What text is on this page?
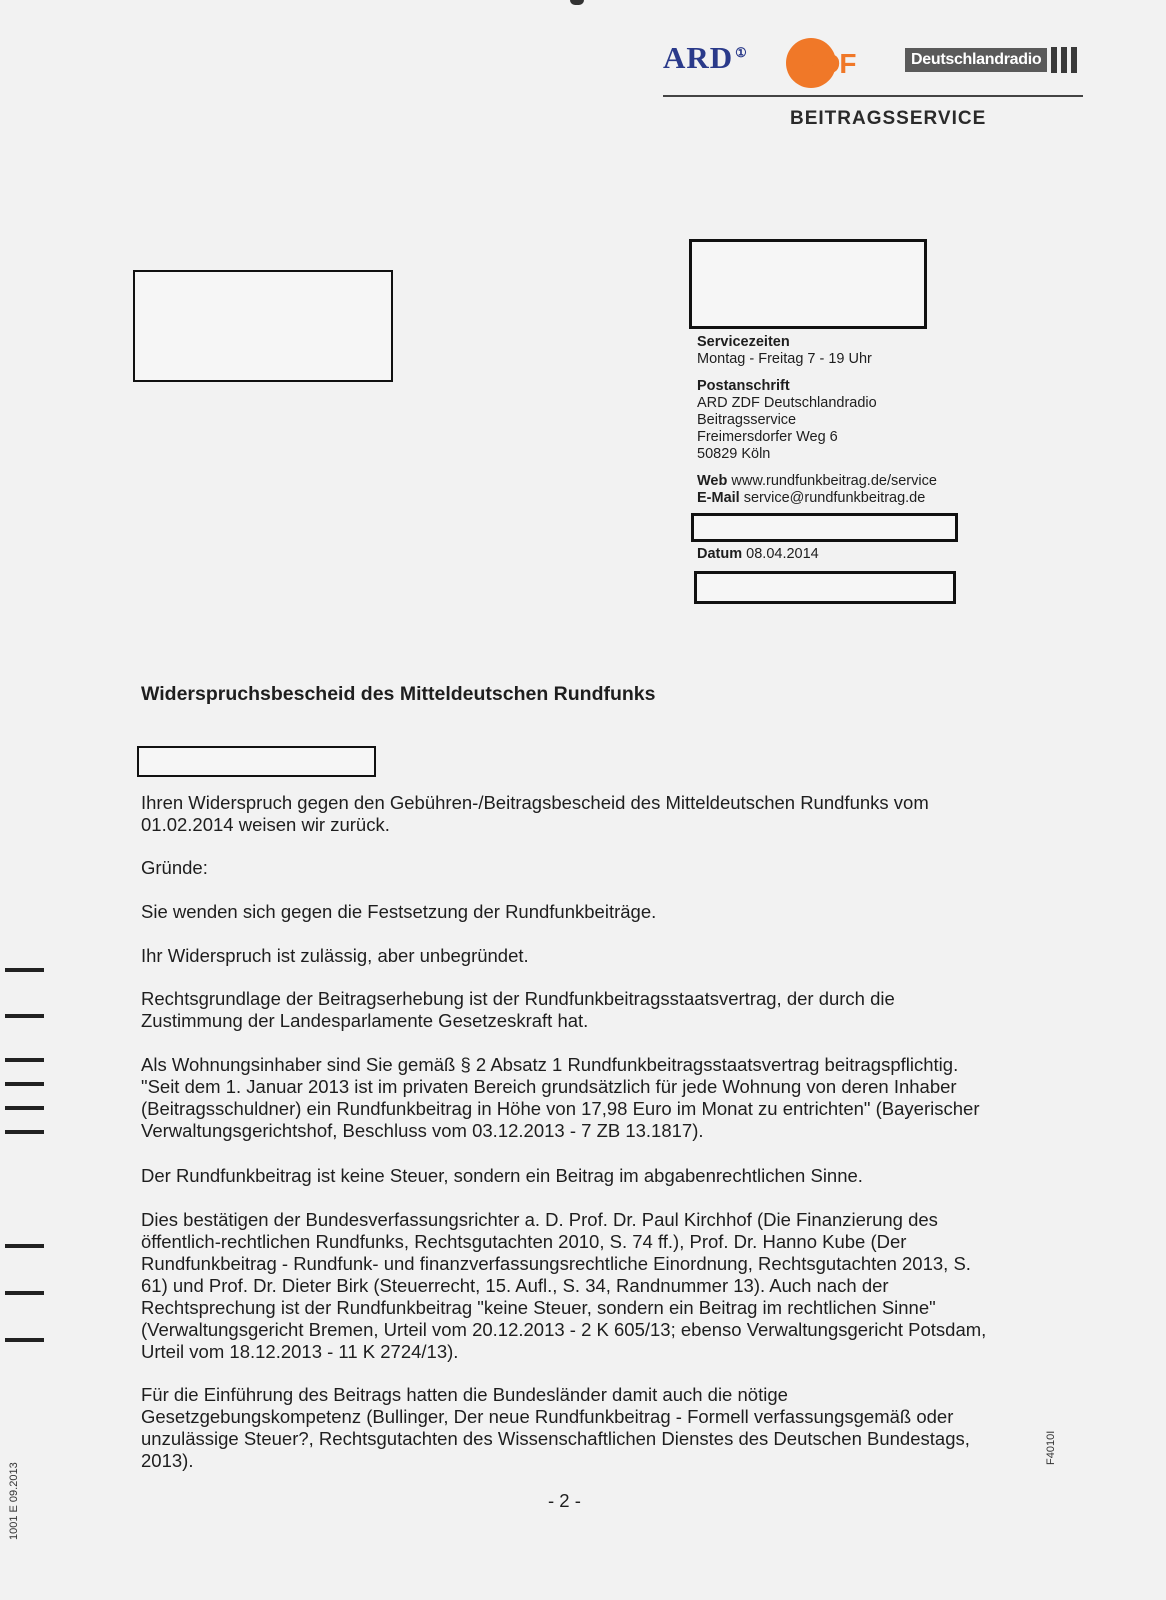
ARD ① ZDF	Deutschlandradio
BEITRAGSSERVICE
Servicezeiten
Montag - Freitag 7 - 19 Uhr
Postanschrift
ARD ZDF Deutschlandradio
Beitragsservice
Freimersdorfer Weg 6
50829 Köln
Web www.rundfunkbeitrag.de/service
E-Mail service@rundfunkbeitrag.de
Datum 08.04.2014
Widerspruchsbescheid des Mitteldeutschen Rundfunks
Ihren Widerspruch gegen den Gebühren-/Beitragsbescheid des Mitteldeutschen Rundfunks vom 01.02.2014 weisen wir zurück.
Gründe:
Sie wenden sich gegen die Festsetzung der Rundfunkbeiträge.
Ihr Widerspruch ist zulässig, aber unbegründet.
Rechtsgrundlage der Beitragserhebung ist der Rundfunkbeitragsstaatsvertrag, der durch die Zustimmung der Landesparlamente Gesetzeskraft hat.
Als Wohnungsinhaber sind Sie gemäß § 2 Absatz 1 Rundfunkbeitragsstaatsvertrag beitragspflichtig. "Seit dem 1. Januar 2013 ist im privaten Bereich grundsätzlich für jede Wohnung von deren Inhaber (Beitragsschuldner) ein Rundfunkbeitrag in Höhe von 17,98 Euro im Monat zu entrichten" (Bayerischer Verwaltungsgerichtshof, Beschluss vom 03.12.2013 - 7 ZB 13.1817).
Der Rundfunkbeitrag ist keine Steuer, sondern ein Beitrag im abgabenrechtlichen Sinne.
Dies bestätigen der Bundesverfassungsrichter a. D. Prof. Dr. Paul Kirchhof (Die Finanzierung des öffentlich-rechtlichen Rundfunks, Rechtsgutachten 2010, S. 74 ff.), Prof. Dr. Hanno Kube (Der Rundfunkbeitrag - Rundfunk- und finanzverfassungsrechtliche Einordnung, Rechtsgutachten 2013, S. 61) und Prof. Dr. Dieter Birk (Steuerrecht, 15. Aufl., S. 34, Randnummer 13). Auch nach der Rechtsprechung ist der Rundfunkbeitrag "keine Steuer, sondern ein Beitrag im rechtlichen Sinne" (Verwaltungsgericht Bremen, Urteil vom 20.12.2013 - 2 K 605/13; ebenso Verwaltungsgericht Potsdam, Urteil vom 18.12.2013 - 11 K 2724/13).
Für die Einführung des Beitrags hatten die Bundesländer damit auch die nötige Gesetzgebungskompetenz (Bullinger, Der neue Rundfunkbeitrag - Formell verfassungsgemäß oder unzulässige Steuer?, Rechtsgutachten des Wissenschaftlichen Dienstes des Deutschen Bundestags, 2013).
- 2 -
1001 E 09.2013
F4010I
